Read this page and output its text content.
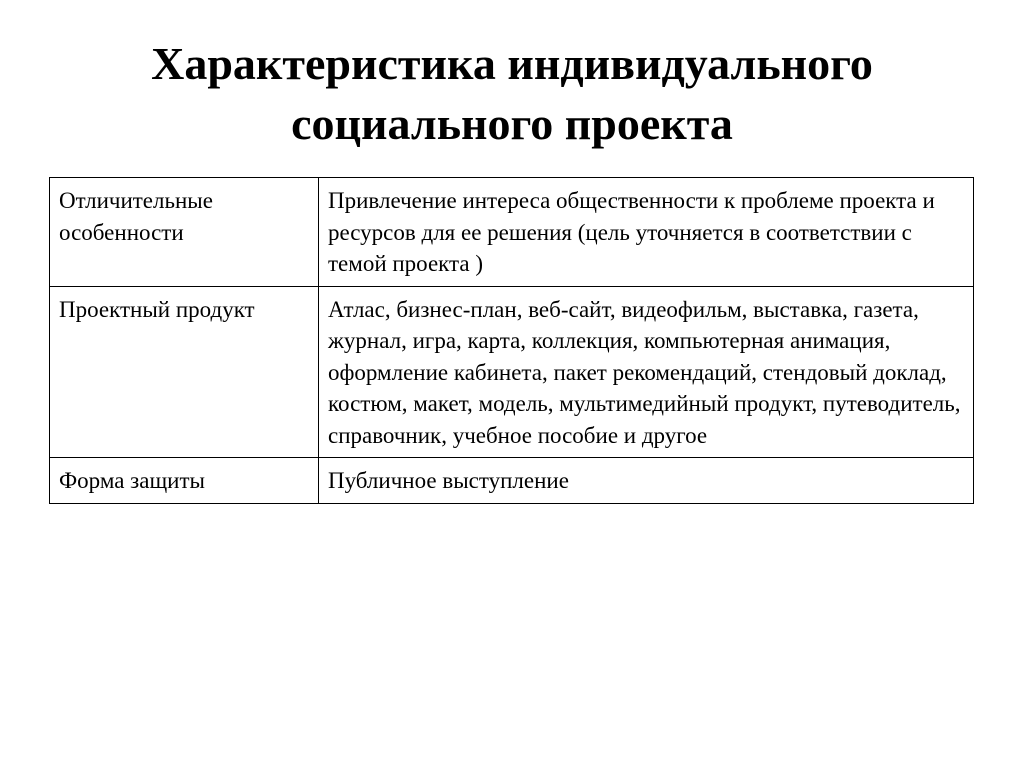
Характеристика индивидуального социального проекта
Отличительные особенности	Привлечение интереса общественности к проблеме проекта и ресурсов для ее решения (цель уточняется в соответствии с темой проекта )
Проектный продукт	Атлас, бизнес-план, веб-сайт, видеофильм, выставка, газета, журнал, игра, карта, коллекция, компьютерная анимация, оформление кабинета, пакет рекомендаций, стендовый доклад, костюм, макет, модель, мультимедийный продукт, путеводитель, справочник, учебное пособие и другое
Форма защиты	Публичное выступление
